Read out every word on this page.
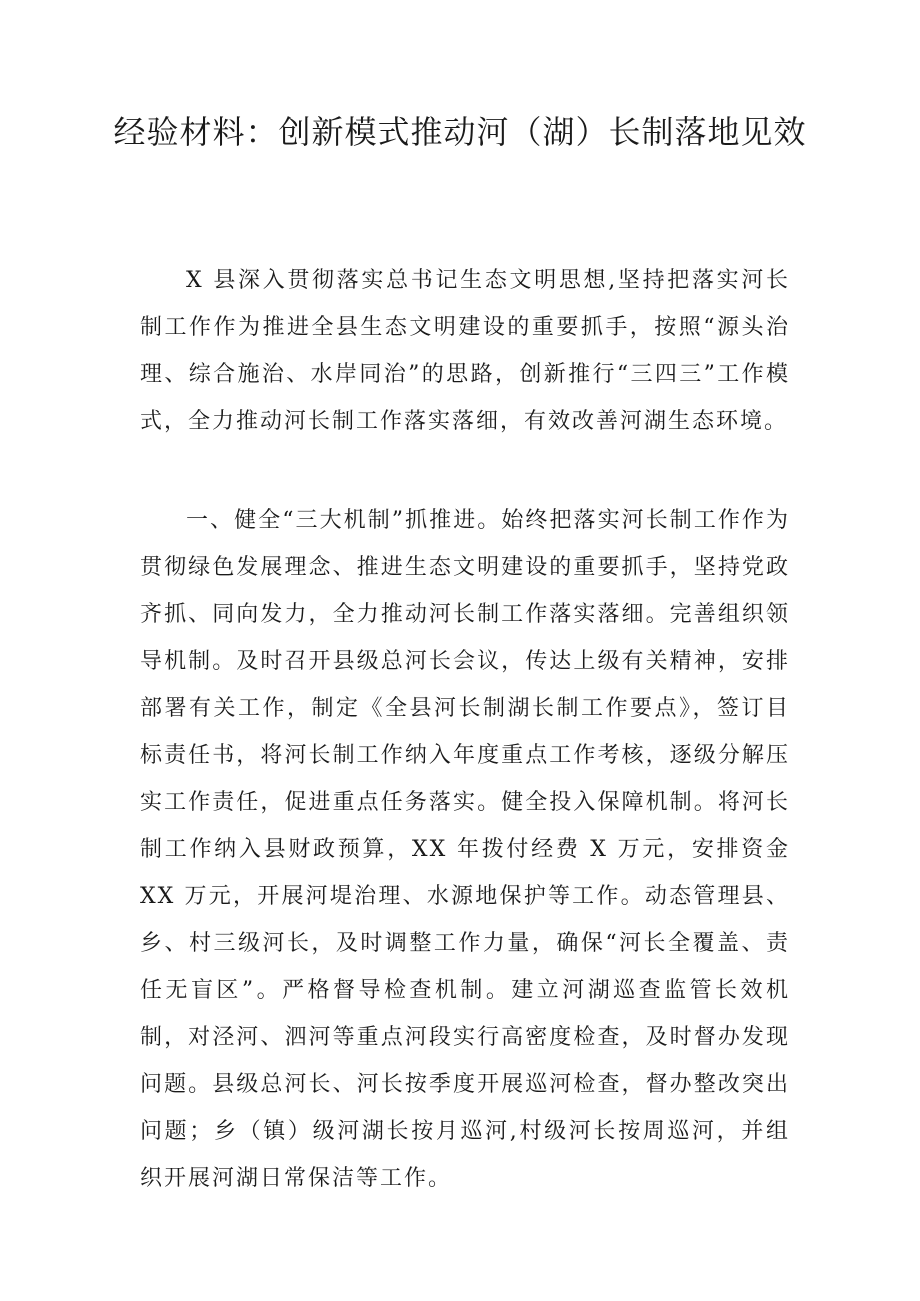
经验材料：创新模式推动河（湖）长制落地见效

X 县深入贯彻落实总书记生态文明思想,坚持把落实河长制工作作为推进全县生态文明建设的重要抓手，按照“源头治理、综合施治、水岸同治”的思路，创新推行“三四三”工作模式，全力推动河长制工作落实落细，有效改善河湖生态环境。

一、健全“三大机制”抓推进。始终把落实河长制工作作为贯彻绿色发展理念、推进生态文明建设的重要抓手，坚持党政齐抓、同向发力，全力推动河长制工作落实落细。完善组织领导机制。及时召开县级总河长会议，传达上级有关精神，安排部署有关工作，制定《全县河长制湖长制工作要点》，签订目标责任书，将河长制工作纳入年度重点工作考核，逐级分解压实工作责任，促进重点任务落实。健全投入保障机制。将河长制工作纳入县财政预算，XX 年拨付经费 X 万元，安排资金 XX 万元，开展河堤治理、水源地保护等工作。动态管理县、乡、村三级河长，及时调整工作力量，确保“河长全覆盖、责任无盲区”。严格督导检查机制。建立河湖巡查监管长效机制，对泾河、泗河等重点河段实行高密度检查，及时督办发现问题。县级总河长、河长按季度开展巡河检查，督办整改突出问题；乡（镇）级河湖长按月巡河,村级河长按周巡河，并组织开展河湖日常保洁等工作。
